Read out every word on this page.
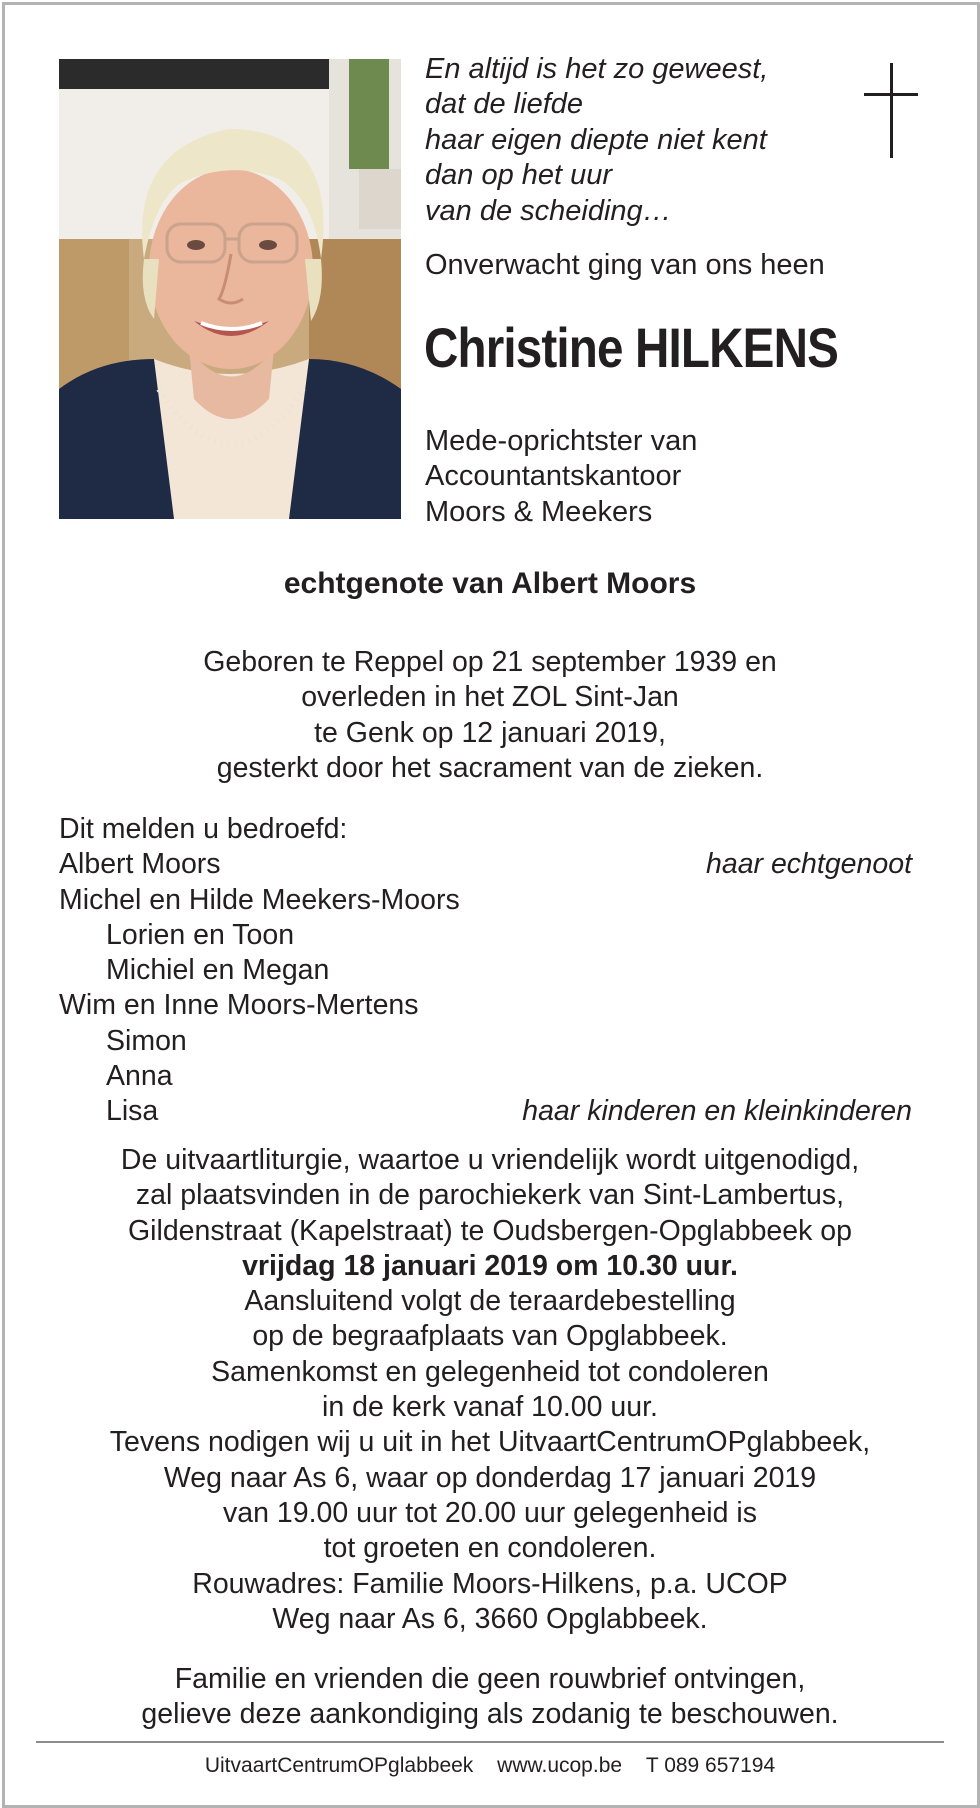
En altijd is het zo geweest,
dat de liefde
haar eigen diepte niet kent
dan op het uur
van de scheiding…
Onverwacht ging van ons heen
Christine HILKENS
Mede-oprichtster van
Accountantskantoor
Moors & Meekers
echtgenote van Albert Moors
Geboren te Reppel op 21 september 1939 en
overleden in het ZOL Sint-Jan
te Genk op 12 januari 2019,
gesterkt door het sacrament van de zieken.
Dit melden u bedroefd:
Albert Moors	haar echtgenoot
Michel en Hilde Meekers-Moors
Lorien en Toon
Michiel en Megan
Wim en Inne Moors-Mertens
Simon
Anna
Lisa	haar kinderen en kleinkinderen
De uitvaartliturgie, waartoe u vriendelijk wordt uitgenodigd,
zal plaatsvinden in de parochiekerk van Sint-Lambertus,
Gildenstraat (Kapelstraat) te Oudsbergen-Opglabbeek op
vrijdag 18 januari 2019 om 10.30 uur.
Aansluitend volgt de teraardebestelling
op de begraafplaats van Opglabbeek.
Samenkomst en gelegenheid tot condoleren
in de kerk vanaf 10.00 uur.
Tevens nodigen wij u uit in het UitvaartCentrumOPglabbeek,
Weg naar As 6, waar op donderdag 17 januari 2019
van 19.00 uur tot 20.00 uur gelegenheid is
tot groeten en condoleren.
Rouwadres: Familie Moors-Hilkens, p.a. UCOP
Weg naar As 6, 3660 Opglabbeek.
Familie en vrienden die geen rouwbrief ontvingen,
gelieve deze aankondiging als zodanig te beschouwen.
UitvaartCentrumOPglabbeek www.ucop.be T 089 657194
